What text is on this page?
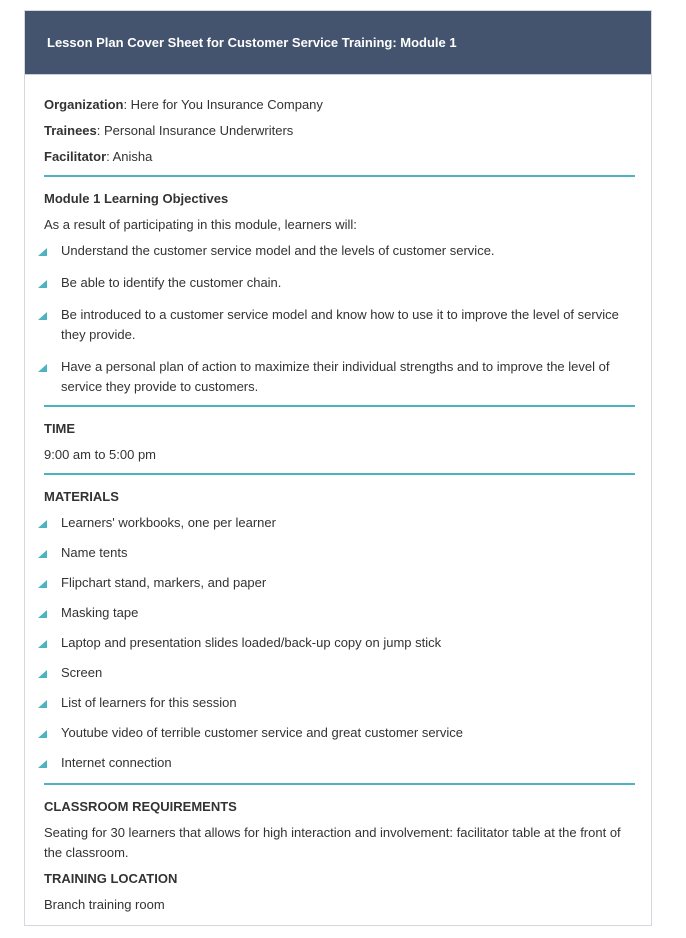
Lesson Plan Cover Sheet for Customer Service Training: Module 1
Organization: Here for You Insurance Company
Trainees: Personal Insurance Underwriters
Facilitator: Anisha
Module 1 Learning Objectives
As a result of participating in this module, learners will:
Understand the customer service model and the levels of customer service.
Be able to identify the customer chain.
Be introduced to a customer service model and know how to use it to improve the level of service they provide.
Have a personal plan of action to maximize their individual strengths and to improve the level of service they provide to customers.
TIME
9:00 am to 5:00 pm
MATERIALS
Learners' workbooks, one per learner
Name tents
Flipchart stand, markers, and paper
Masking tape
Laptop and presentation slides loaded/back-up copy on jump stick
Screen
List of learners for this session
Youtube video of terrible customer service and great customer service
Internet connection
CLASSROOM REQUIREMENTS
Seating for 30 learners that allows for high interaction and involvement: facilitator table at the front of the classroom.
TRAINING LOCATION
Branch training room
